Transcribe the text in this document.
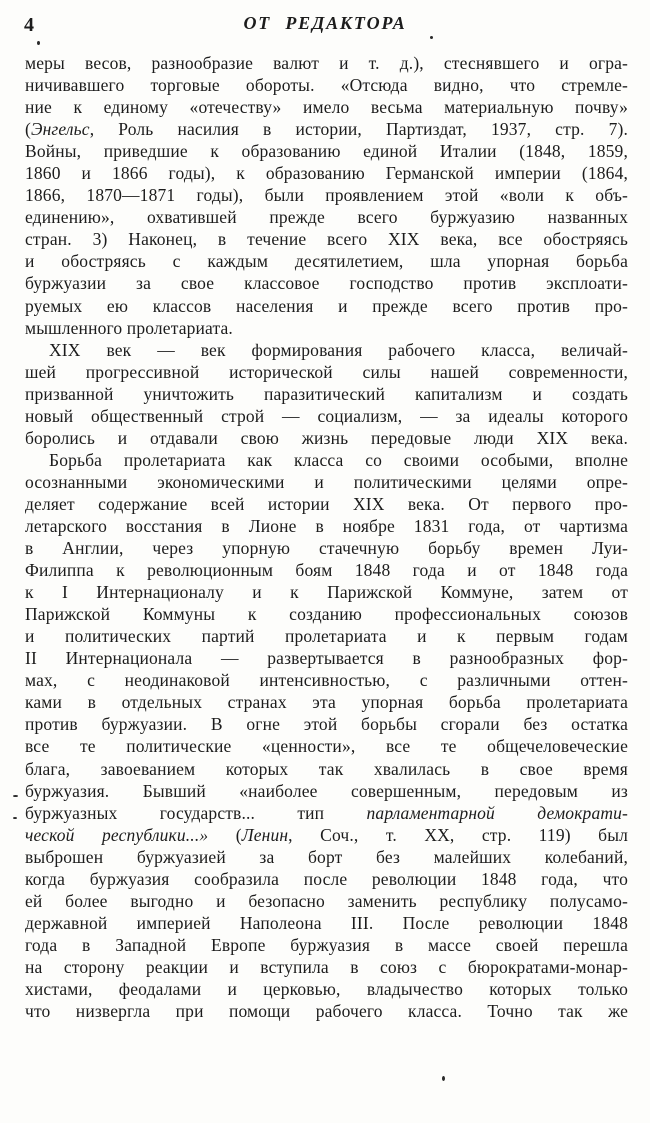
4	ОТ РЕДАКТОРА
меры весов, разнообразие валют и т. д.), стеснявшего и огра-
ничивавшего торговые обороты. «Отсюда видно, что стремле-
ние к единому «отечеству» имело весьма материальную почву»
(Энгельс, Роль насилия в истории, Партиздат, 1937, стр. 7).
Войны, приведшие к образованию единой Италии (1848, 1859,
1860 и 1866 годы), к образованию Германской империи (1864,
1866, 1870—1871 годы), были проявлением этой «воли к объ-
единению», охватившей прежде всего буржуазию названных
стран. 3) Наконец, в течение всего XIX века, все обостряясь
и обостряясь с каждым десятилетием, шла упорная борьба
буржуазии за свое классовое господство против эксплоати-
руемых ею классов населения и прежде всего против про-
мышленного пролетариата.
XIX век — век формирования рабочего класса, величай-
шей прогрессивной исторической силы нашей современности,
призванной уничтожить паразитический капитализм и создать
новый общественный строй — социализм, — за идеалы которого
боролись и отдавали свою жизнь передовые люди XIX века.
Борьба пролетариата как класса со своими особыми, вполне
осознанными экономическими и политическими целями опре-
деляет содержание всей истории XIX века. От первого про-
летарского восстания в Лионе в ноябре 1831 года, от чартизма
в Англии, через упорную стачечную борьбу времен Луи-
Филиппа к революционным боям 1848 года и от 1848 года
к I Интернационалу и к Парижской Коммуне, затем от
Парижской Коммуны к созданию профессиональных союзов
и политических партий пролетариата и к первым годам
II Интернационала — развертывается в разнообразных фор-
мах, с неодинаковой интенсивностью, с различными оттен-
ками в отдельных странах эта упорная борьба пролетариата
против буржуазии. В огне этой борьбы сгорали без остатка
все те политические «ценности», все те общечеловеческие
блага, завоеванием которых так хвалилась в свое время
буржуазия. Бывший «наиболее совершенным, передовым из
буржуазных государств... тип парламентарной демократи-
ческой республики...» (Ленин, Соч., т. XX, стр. 119) был
выброшен буржуазией за борт без малейших колебаний,
когда буржуазия сообразила после революции 1848 года, что
ей более выгодно и безопасно заменить республику полусамо-
державной империей Наполеона III. После революции 1848
года в Западной Европе буржуазия в массе своей перешла
на сторону реакции и вступила в союз с бюрократами-монар-
хистами, феодалами и церковью, владычество которых только
что низвергла при помощи рабочего класса. Точно так же
